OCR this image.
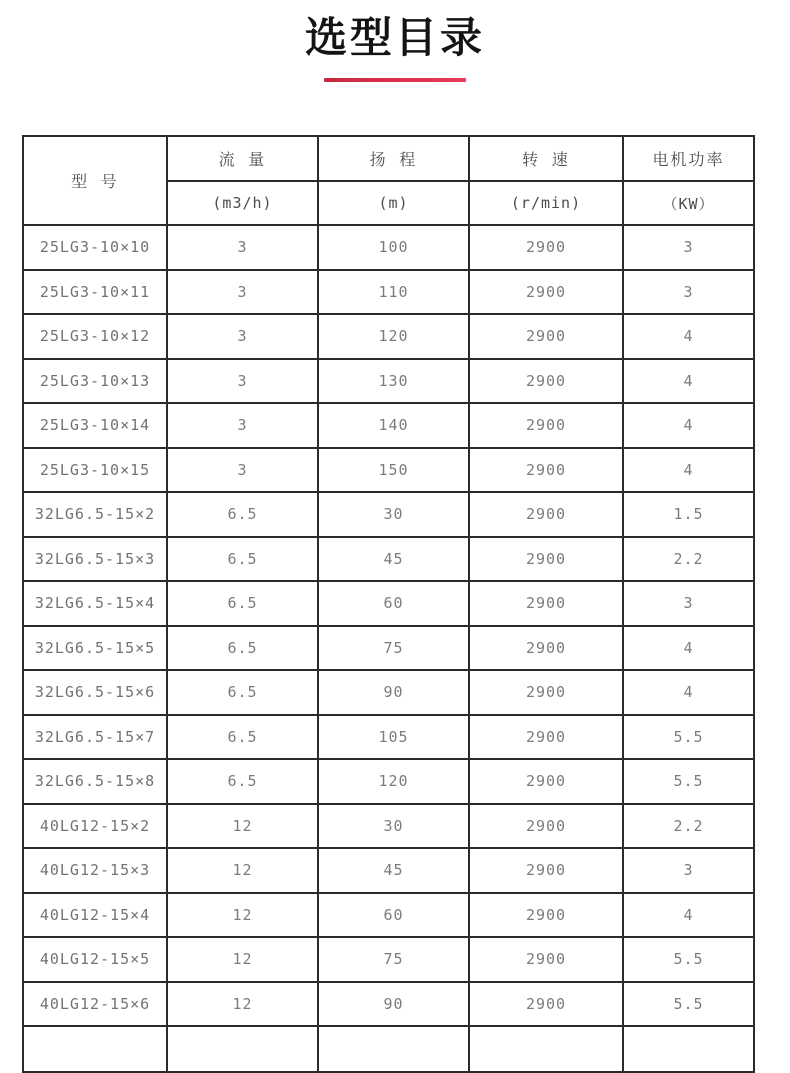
选型目录
型 号	流 量	扬 程	转 速	电机功率
	(m3/h)	(m)	(r/min)	（KW）
25LG3-10×10	3	100	2900	3
25LG3-10×11	3	110	2900	3
25LG3-10×12	3	120	2900	4
25LG3-10×13	3	130	2900	4
25LG3-10×14	3	140	2900	4
25LG3-10×15	3	150	2900	4
32LG6.5-15×2	6.5	30	2900	1.5
32LG6.5-15×3	6.5	45	2900	2.2
32LG6.5-15×4	6.5	60	2900	3
32LG6.5-15×5	6.5	75	2900	4
32LG6.5-15×6	6.5	90	2900	4
32LG6.5-15×7	6.5	105	2900	5.5
32LG6.5-15×8	6.5	120	2900	5.5
40LG12-15×2	12	30	2900	2.2
40LG12-15×3	12	45	2900	3
40LG12-15×4	12	60	2900	4
40LG12-15×5	12	75	2900	5.5
40LG12-15×6	12	90	2900	5.5
